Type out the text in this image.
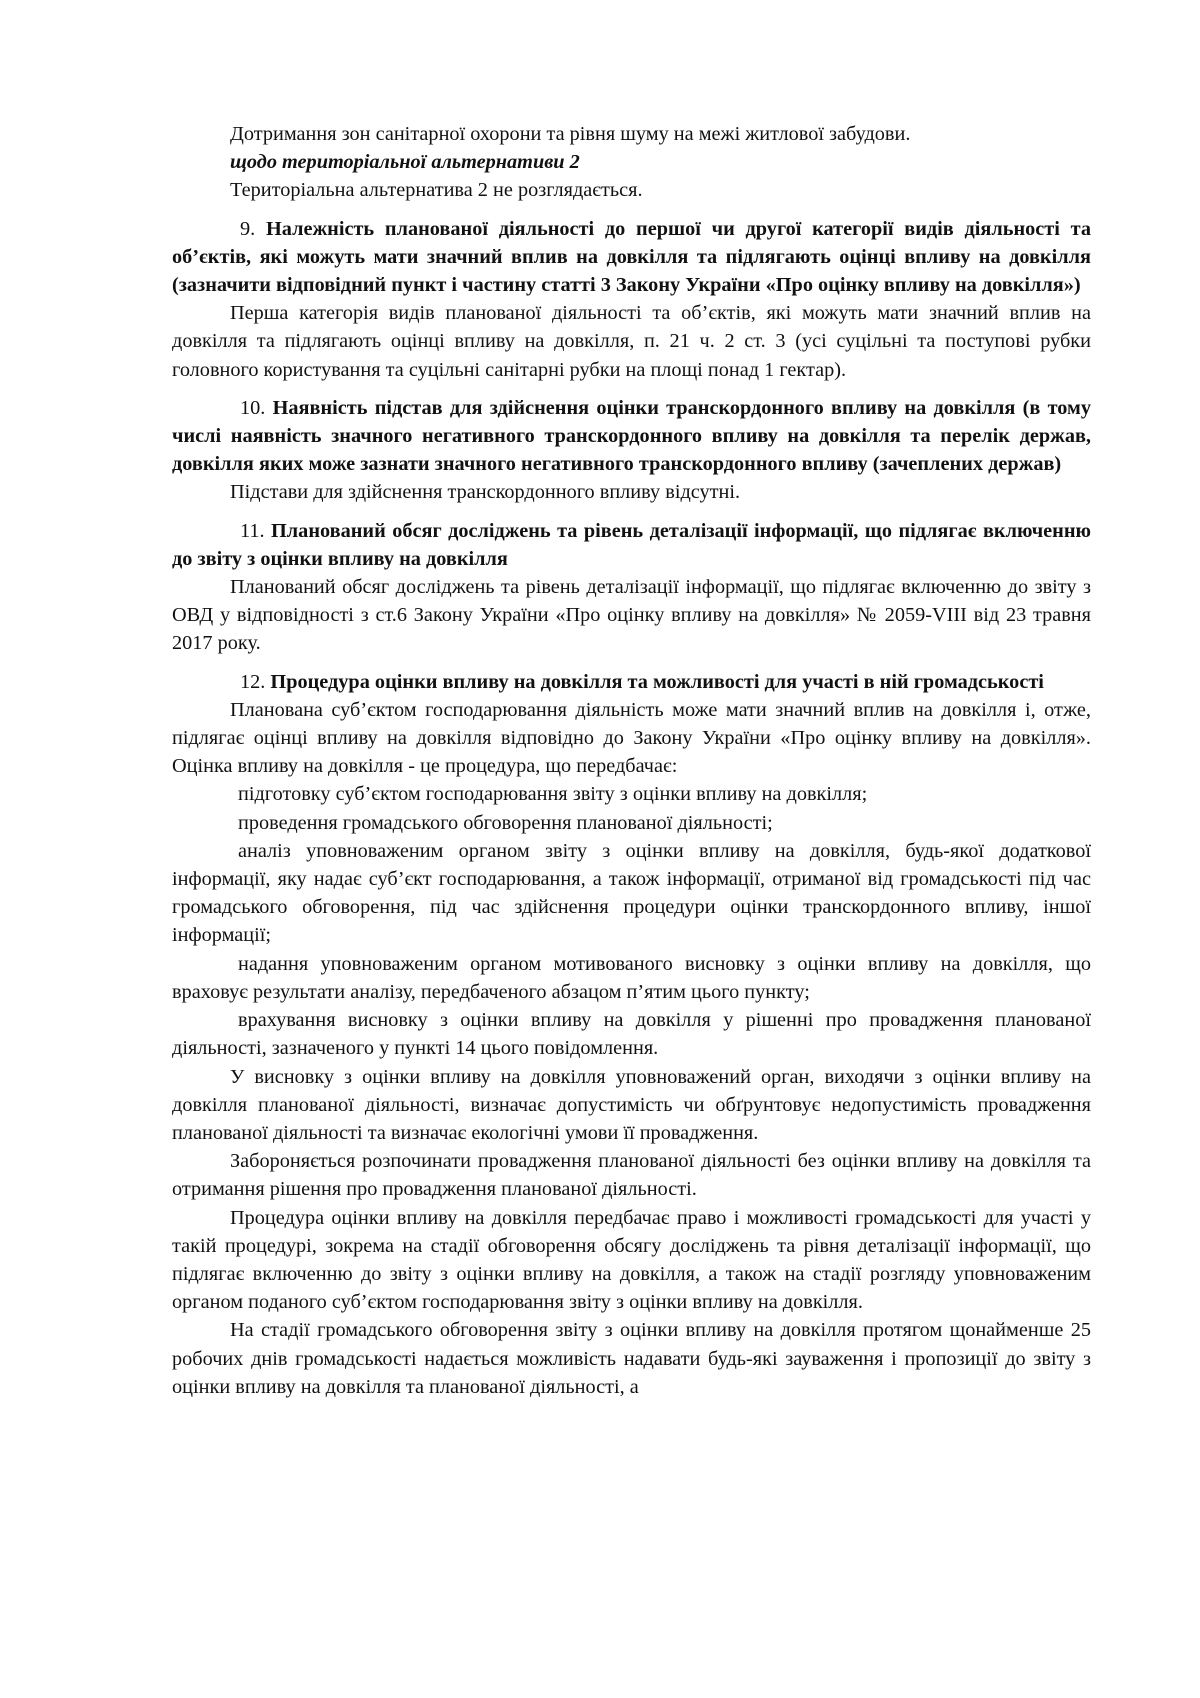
Дотримання зон санітарної охорони та рівня шуму на межі житлової забудови.

щодо територіальної альтернативи 2

Територіальна альтернатива 2 не розглядається.

9. Належність планованої діяльності до першої чи другої категорії видів діяльності та об’єктів, які можуть мати значний вплив на довкілля та підлягають оцінці впливу на довкілля (зазначити відповідний пункт і частину статті 3 Закону України «Про оцінку впливу на довкілля»)

Перша категорія видів планованої діяльності та об’єктів, які можуть мати значний вплив на довкілля та підлягають оцінці впливу на довкілля, п. 21 ч. 2 ст. 3 (усі суцільні та поступові рубки головного користування та суцільні санітарні рубки на площі понад 1 гектар).

10. Наявність підстав для здійснення оцінки транскордонного впливу на довкілля (в тому числі наявність значного негативного транскордонного впливу на довкілля та перелік держав, довкілля яких може зазнати значного негативного транскордонного впливу (зачеплених держав)

Підстави для здійснення транскордонного впливу відсутні.

11. Планований обсяг досліджень та рівень деталізації інформації, що підлягає включенню до звіту з оцінки впливу на довкілля

Планований обсяг досліджень та рівень деталізації інформації, що підлягає включенню до звіту з ОВД у відповідності з ст.6 Закону України «Про оцінку впливу на довкілля» № 2059-VIII від 23 травня 2017 року.

12. Процедура оцінки впливу на довкілля та можливості для участі в ній громадськості

Планована суб’єктом господарювання діяльність може мати значний вплив на довкілля і, отже, підлягає оцінці впливу на довкілля відповідно до Закону України «Про оцінку впливу на довкілля». Оцінка впливу на довкілля - це процедура, що передбачає:

підготовку суб’єктом господарювання звіту з оцінки впливу на довкілля;

проведення громадського обговорення планованої діяльності;

аналіз уповноваженим органом звіту з оцінки впливу на довкілля, будь-якої додаткової інформації, яку надає суб’єкт господарювання, а також інформації, отриманої від громадськості під час громадського обговорення, під час здійснення процедури оцінки транскордонного впливу, іншої інформації;

надання уповноваженим органом мотивованого висновку з оцінки впливу на довкілля, що враховує результати аналізу, передбаченого абзацом п’ятим цього пункту;

врахування висновку з оцінки впливу на довкілля у рішенні про провадження планованої діяльності, зазначеного у пункті 14 цього повідомлення.

У висновку з оцінки впливу на довкілля уповноважений орган, виходячи з оцінки впливу на довкілля планованої діяльності, визначає допустимість чи обґрунтовує недопустимість провадження планованої діяльності та визначає екологічні умови її провадження.

Забороняється розпочинати провадження планованої діяльності без оцінки впливу на довкілля та отримання рішення про провадження планованої діяльності.

Процедура оцінки впливу на довкілля передбачає право і можливості громадськості для участі у такій процедурі, зокрема на стадії обговорення обсягу досліджень та рівня деталізації інформації, що підлягає включенню до звіту з оцінки впливу на довкілля, а також на стадії розгляду уповноваженим органом поданого суб’єктом господарювання звіту з оцінки впливу на довкілля.

На стадії громадського обговорення звіту з оцінки впливу на довкілля протягом щонайменше 25 робочих днів громадськості надається можливість надавати будь-які зауваження і пропозиції до звіту з оцінки впливу на довкілля та планованої діяльності, а
